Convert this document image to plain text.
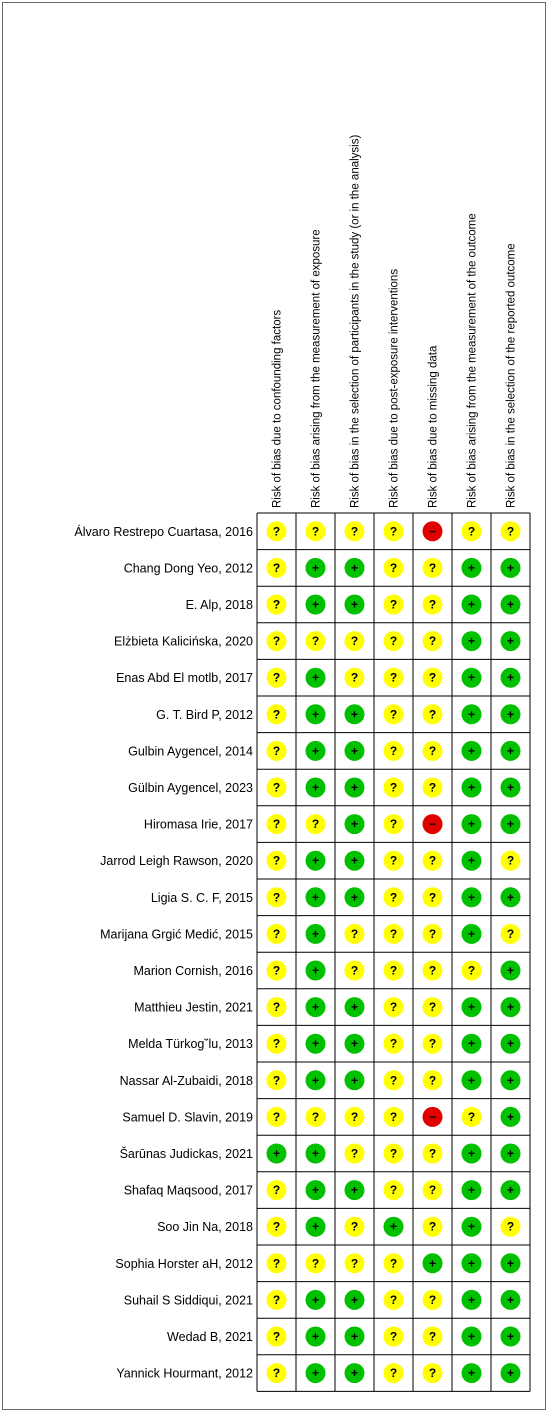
Risk of bias due to confounding factors Risk of bias arising from the measurement of exposure Risk of bias in the selection of participants in the study (or in the analysis) Risk of bias due to post-exposure interventions Risk of bias due to missing data Risk of bias arising from the measurement of the outcome Risk of bias in the selection of the reported outcome
Álvaro Restrepo Cuartasa, 2016 ?	?	?	?	−	?	?
Chang Dong Yeo, 2012 ?	+	+	?	?	+	+
E. Alp, 2018 ?	+	+	?	?	+	+
Elżbieta Kalicińska, 2020 ?	?	?	?	?	+	+
Enas Abd El motlb, 2017 ?	+	?	?	?	+	+
G. T. Bird P, 2012 ?	+	+	?	?	+	+
Gulbin Aygencel, 2014 ?	+	+	?	?	+	+
Gülbin Aygencel, 2023 ?	+	+	?	?	+	+
Hiromasa Irie, 2017 ?	?	+	?	−	+	+
Jarrod Leigh Rawson, 2020 ?	+	+	?	?	+	?
Ligia S. C. F, 2015 ?	+	+	?	?	+	+
Marijana Grgić Medić, 2015 ?	+	?	?	?	+	?
Marion Cornish, 2016 ?	+	?	?	?	?	+
Matthieu Jestin, 2021 ?	+	+	?	?	+	+
Melda Türkog˘lu, 2013 ?	+	+	?	?	+	+
Nassar Al-Zubaidi, 2018 ?	+	+	?	?	+	+
Samuel D. Slavin, 2019 ?	?	?	?	−	?	+
Šarūnas Judickas, 2021 +	+	?	?	?	+	+
Shafaq Maqsood, 2017 ?	+	+	?	?	+	+
Soo Jin Na, 2018 ?	+	?	+	?	+	?
Sophia Horster aH, 2012 ?	?	?	?	+	+	+
Suhail S Siddiqui, 2021 ?	+	+	?	?	+	+
Wedad B, 2021 ?	+	+	?	?	+	+
Yannick Hourmant, 2012 ?	+	+	?	?	+	+
